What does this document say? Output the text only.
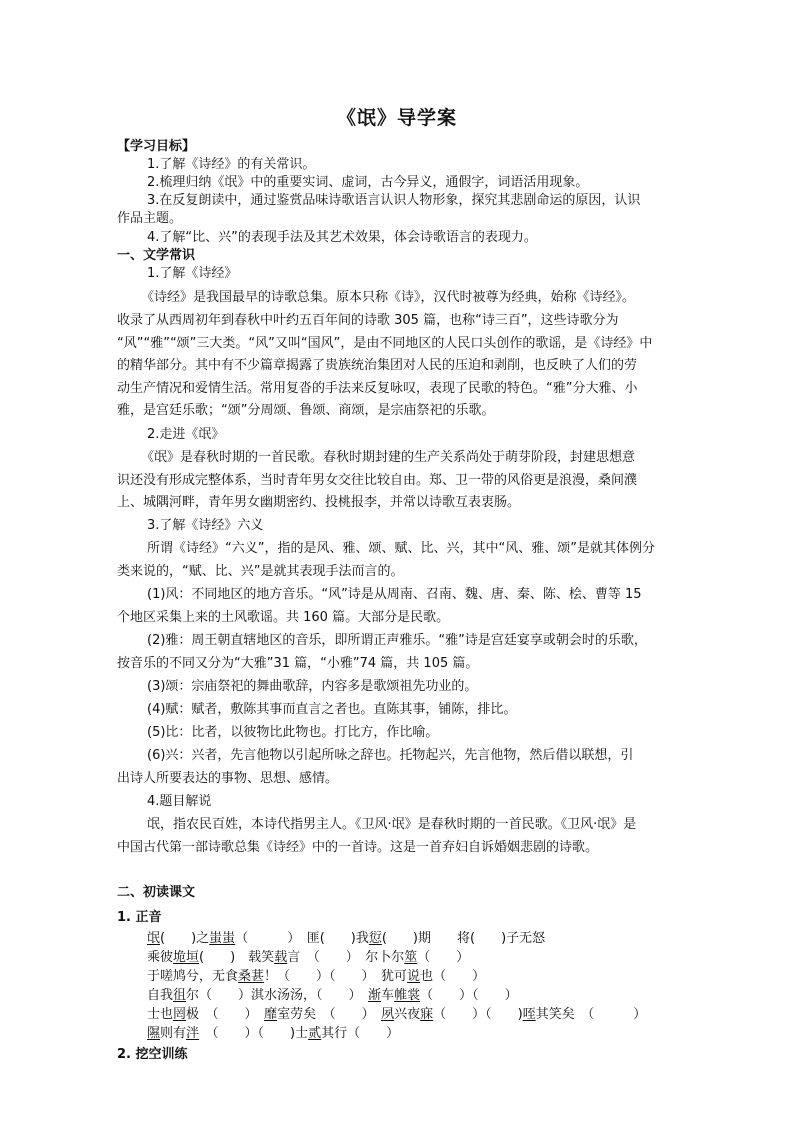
《氓》导学案
【学习目标】
1.了解《诗经》的有关常识。
2.梳理归纳《氓》中的重要实词、虚词，古今异义，通假字，词语活用现象。
3.在反复朗读中，通过鉴赏品味诗歌语言认识人物形象，探究其悲剧命运的原因，认识
作品主题。
4.了解“比、兴”的表现手法及其艺术效果，体会诗歌语言的表现力。
一、文学常识
1.了解《诗经》
《诗经》是我国最早的诗歌总集。原本只称《诗》，汉代时被尊为经典，始称《诗经》。
收录了从西周初年到春秋中叶约五百年间的诗歌 305 篇，也称“诗三百”，这些诗歌分为
“风”“雅”“颂”三大类。“风”又叫“国风”，是由不同地区的人民口头创作的歌谣，是《诗经》中
的精华部分。其中有不少篇章揭露了贵族统治集团对人民的压迫和剥削，也反映了人们的劳
动生产情况和爱情生活。常用复沓的手法来反复咏叹，表现了民歌的特色。“雅”分大雅、小
雅，是宫廷乐歌；“颂”分周颂、鲁颂、商颂，是宗庙祭祀的乐歌。
2.走进《氓》
《氓》是春秋时期的一首民歌。春秋时期封建的生产关系尚处于萌芽阶段，封建思想意
识还没有形成完整体系，当时青年男女交往比较自由。郑、卫一带的风俗更是浪漫，桑间濮
上、城隅河畔，青年男女幽期密约、投桃报李，并常以诗歌互表衷肠。
3.了解《诗经》六义
所谓《诗经》“六义”，指的是风、雅、颂、赋、比、兴，其中“风、雅、颂”是就其体例分
类来说的，“赋、比、兴”是就其表现手法而言的。
(1)风：不同地区的地方音乐。“风”诗是从周南、召南、魏、唐、秦、陈、桧、曹等 15
个地区采集上来的土风歌谣。共 160 篇。大部分是民歌。
(2)雅：周王朝直辖地区的音乐，即所谓正声雅乐。“雅”诗是宫廷宴享或朝会时的乐歌，
按音乐的不同又分为“大雅”31 篇，“小雅”74 篇，共 105 篇。
(3)颂：宗庙祭祀的舞曲歌辞，内容多是歌颂祖先功业的。
(4)赋：赋者，敷陈其事而直言之者也。直陈其事，铺陈，排比。
(5)比：比者，以彼物比此物也。打比方，作比喻。
(6)兴：兴者，先言他物以引起所咏之辞也。托物起兴，先言他物，然后借以联想，引
出诗人所要表达的事物、思想、感情。
4.题目解说
氓，指农民百姓，本诗代指男主人。《卫风·氓》是春秋时期的一首民歌。《卫风·氓》是
中国古代第一部诗歌总集《诗经》中的一首诗。这是一首弃妇自诉婚姻悲剧的诗歌。
二、初读课文
1. 正音
氓(　　)之蚩蚩（　　　）　匪(　　)我愆(　　)期　　将(　　)子无怒
乘彼垝垣(　　)　载笑载言　（　　）　尔卜尔筮（　　）
于嗟鸠兮，无食桑葚！（　　）（　　）　犹可说也（　　）
自我徂尔（　　）淇水汤汤，（　　）　渐车帷裳（　　）（　　）
士也罔极　（　　）　靡室劳矣　（　　）　夙兴夜寐（　　）（　　)咥其笑矣　（　　　）
隰则有泮　（　　）（　　)士贰其行（　　）
2. 挖空训练
